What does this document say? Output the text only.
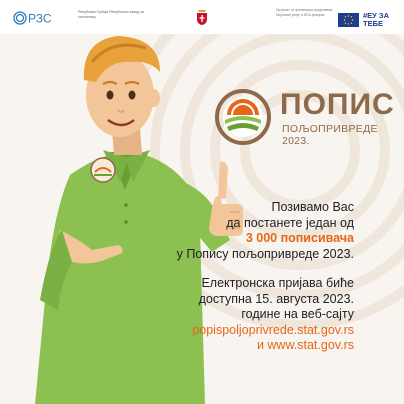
РЗС	Република Србија Републички завод за статистику
Пројекат се финансира средствима Европске уније и ИПА фондом	#ЕУ ЗА ТЕБЕ
ПОПИС
ПОЉОПРИВРЕДЕ 2023.
Позивамо Вас
да постанете један од
3 000 пописивача
у Попису пољопривреде 2023.
Електронска пријава биће
доступна 15. августа 2023.
године на веб-сајту
popispoljoprivrede.stat.gov.rs
и www.stat.gov.rs
